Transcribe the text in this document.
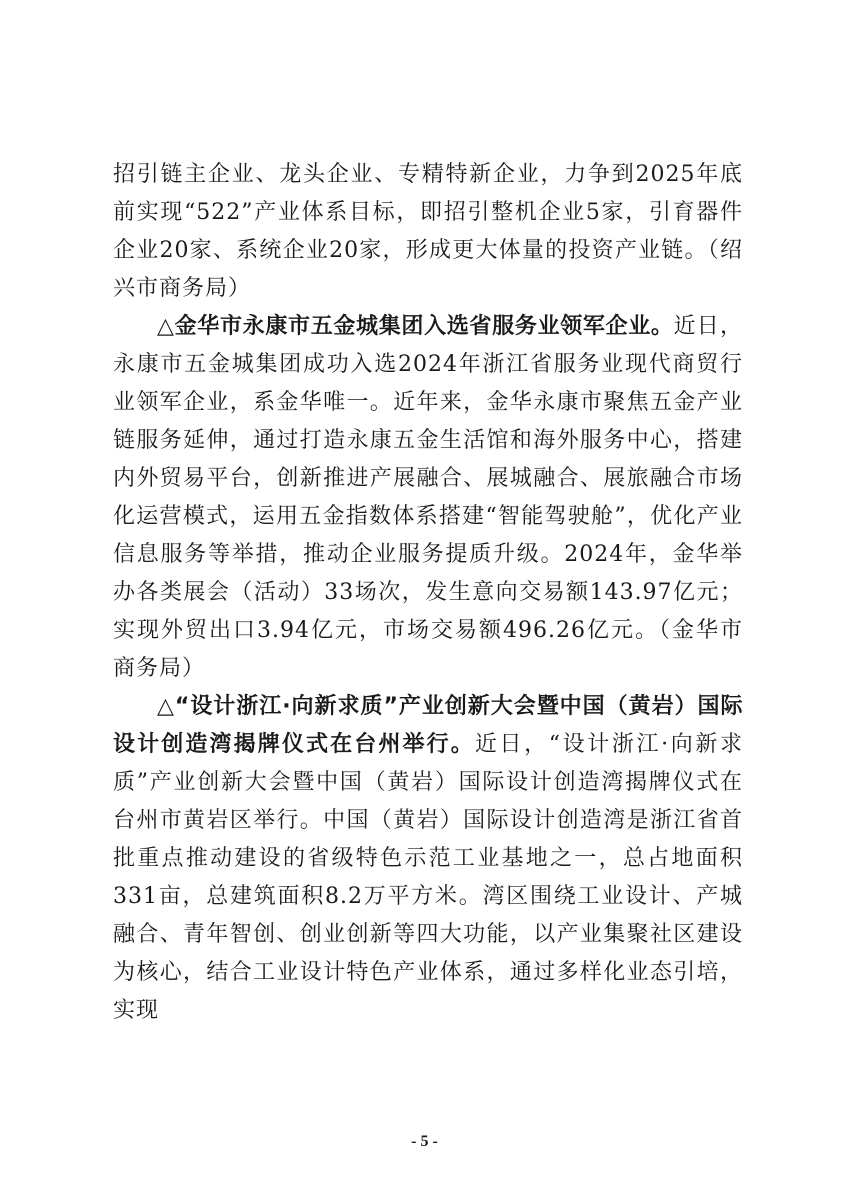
招引链主企业、龙头企业、专精特新企业，力争到2025年底前实现“522”产业体系目标，即招引整机企业5家，引育器件企业20家、系统企业20家，形成更大体量的投资产业链。（绍兴市商务局）

△金华市永康市五金城集团入选省服务业领军企业。近日，永康市五金城集团成功入选2024年浙江省服务业现代商贸行业领军企业，系金华唯一。近年来，金华永康市聚焦五金产业链服务延伸，通过打造永康五金生活馆和海外服务中心，搭建内外贸易平台，创新推进产展融合、展城融合、展旅融合市场化运营模式，运用五金指数体系搭建“智能驾驶舱”，优化产业信息服务等举措，推动企业服务提质升级。2024年，金华举办各类展会（活动）33场次，发生意向交易额143.97亿元；实现外贸出口3.94亿元，市场交易额496.26亿元。（金华市商务局）

△“设计浙江·向新求质”产业创新大会暨中国（黄岩）国际设计创造湾揭牌仪式在台州举行。近日，“设计浙江·向新求质”产业创新大会暨中国（黄岩）国际设计创造湾揭牌仪式在台州市黄岩区举行。中国（黄岩）国际设计创造湾是浙江省首批重点推动建设的省级特色示范工业基地之一，总占地面积331亩，总建筑面积8.2万平方米。湾区围绕工业设计、产城融合、青年智创、创业创新等四大功能，以产业集聚社区建设为核心，结合工业设计特色产业体系，通过多样化业态引培，实现

- 5 -
